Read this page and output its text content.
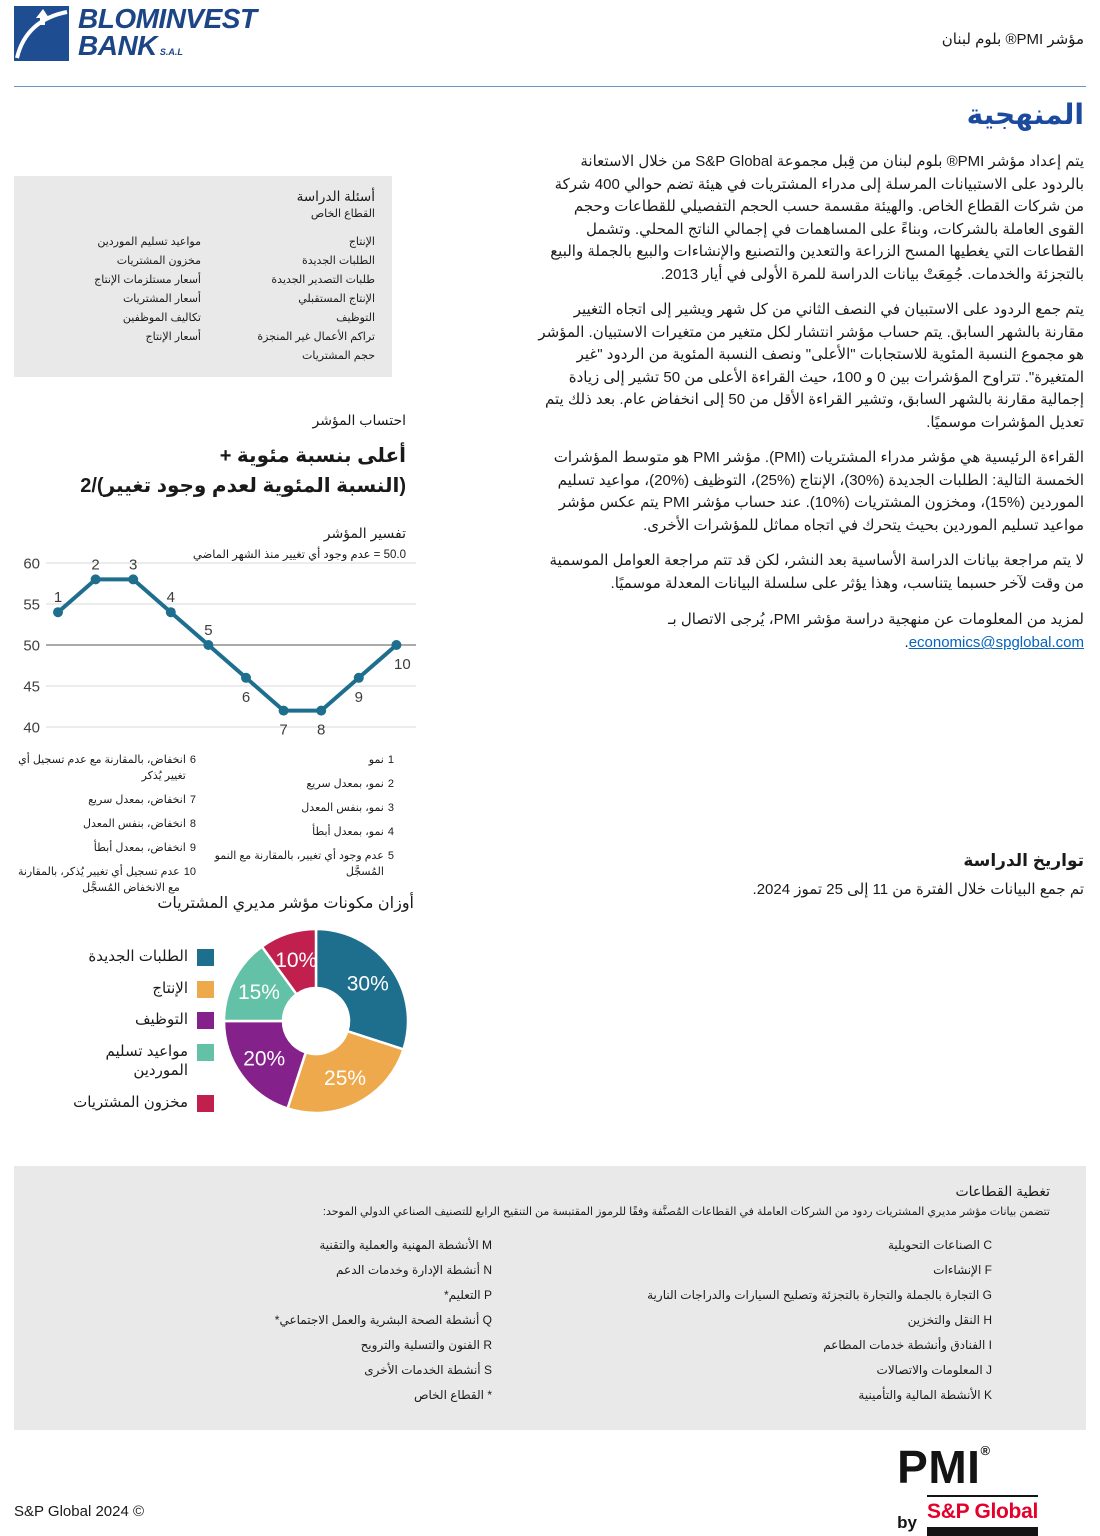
BLOMINVEST
BANK S.A.L
مؤشر PMI® بلوم لبنان
المنهجية

يتم إعداد مؤشر PMI® بلوم لبنان من قِبل مجموعة S&P Global من خلال الاستعانة بالردود على الاستبيانات المرسلة إلى مدراء المشتريات في هيئة تضم حوالي 400 شركة من شركات القطاع الخاص. والهيئة مقسمة حسب الحجم التفصيلي للقطاعات وحجم القوى العاملة بالشركات، وبناءً على المساهمات في إجمالي الناتج المحلي. وتشمل القطاعات التي يغطيها المسح الزراعة والتعدين والتصنيع والإنشاءات والبيع بالجملة والبيع بالتجزئة والخدمات. جُمِعَتْ بيانات الدراسة للمرة الأولى في أيار 2013.

يتم جمع الردود على الاستبيان في النصف الثاني من كل شهر ويشير إلى اتجاه التغيير مقارنة بالشهر السابق. يتم حساب مؤشر انتشار لكل متغير من متغيرات الاستبيان. المؤشر هو مجموع النسبة المئوية للاستجابات "الأعلى" ونصف النسبة المئوية من الردود "غير المتغيرة". تتراوح المؤشرات بين 0 و 100، حيث القراءة الأعلى من 50 تشير إلى زيادة إجمالية مقارنة بالشهر السابق، وتشير القراءة الأقل من 50 إلى انخفاض عام. بعد ذلك يتم تعديل المؤشرات موسميًا.

القراءة الرئيسية هي مؤشر مدراء المشتريات (PMI). مؤشر PMI هو متوسط المؤشرات الخمسة التالية: الطلبات الجديدة (%30)، الإنتاج (%25)، التوظيف (%20)، مواعيد تسليم الموردين (%15)، ومخزون المشتريات (%10). عند حساب مؤشر PMI يتم عكس مؤشر مواعيد تسليم الموردين بحيث يتحرك في اتجاه مماثل للمؤشرات الأخرى.

لا يتم مراجعة بيانات الدراسة الأساسية بعد النشر، لكن قد تتم مراجعة العوامل الموسمية من وقت لآخر حسبما يتناسب، وهذا يؤثر على سلسلة البيانات المعدلة موسميًا.

لمزيد من المعلومات عن منهجية دراسة مؤشر PMI، يُرجى الاتصال بـ economics@spglobal.com.

تواريخ الدراسة
تم جمع البيانات خلال الفترة من 11 إلى 25 تموز 2024.
أسئلة الدراسة
القطاع الخاص
الإنتاج
الطلبات الجديدة
طلبات التصدير الجديدة
الإنتاج المستقبلي
التوظيف
تراكم الأعمال غير المنجزة
حجم المشتريات
مواعيد تسليم الموردين
مخزون المشتريات
أسعار مستلزمات الإنتاج
أسعار المشتريات
تكاليف الموظفين
أسعار الإنتاج
احتساب المؤشر
أعلى بنسبة مئوية +
(النسبة المئوية لعدم وجود تغيير)/2
تفسير المؤشر
50.0 = عدم وجود أي تغيير منذ الشهر الماضي
60
55
50
45
40
1
2 3
4
5
6
7 8
9
10
1
نمو
2
نمو، بمعدل سريع
3
نمو، بنفس المعدل
4
نمو، بمعدل أبطأ
5
عدم وجود أي تغيير، بالمقارنة مع النمو المُسجَّل
6
انخفاض، بالمقارنة مع عدم تسجيل أي تغيير يُذكر
7
انخفاض، بمعدل سريع
8
انخفاض، بنفس المعدل
9
انخفاض، بمعدل أبطأ
10
عدم تسجيل أي تغيير يُذكر، بالمقارنة مع الانخفاض المُسجَّل
أوزان مكونات مؤشر مديري المشتريات
الطلبات الجديدة
الإنتاج
التوظيف
مواعيد تسليم الموردين
مخزون المشتريات
30%
25%
20%
15%
10%
تغطية القطاعات
تتضمن بيانات مؤشر مديري المشتريات ردود من الشركات العاملة في القطاعات المُصنَّفة وفقًا للرموز المقتبسة من التنقيح الرابع للتصنيف الصناعي الدولي الموحد:
C الصناعات التحويلية
F الإنشاءات
G التجارة بالجملة والتجارة بالتجزئة وتصليح السيارات والدراجات النارية
H النقل والتخزين
I الفنادق وأنشطة خدمات المطاعم
J المعلومات والاتصالات
K الأنشطة المالية والتأمينية
M الأنشطة المهنية والعملية والتقنية
N أنشطة الإدارة وخدمات الدعم
P التعليم*
Q أنشطة الصحة البشرية والعمل الاجتماعي*
R الفنون والتسلية والترويح
S أنشطة الخدمات الأخرى
* القطاع الخاص
S&P Global 2024 ©
PMI®
by S&P Global
